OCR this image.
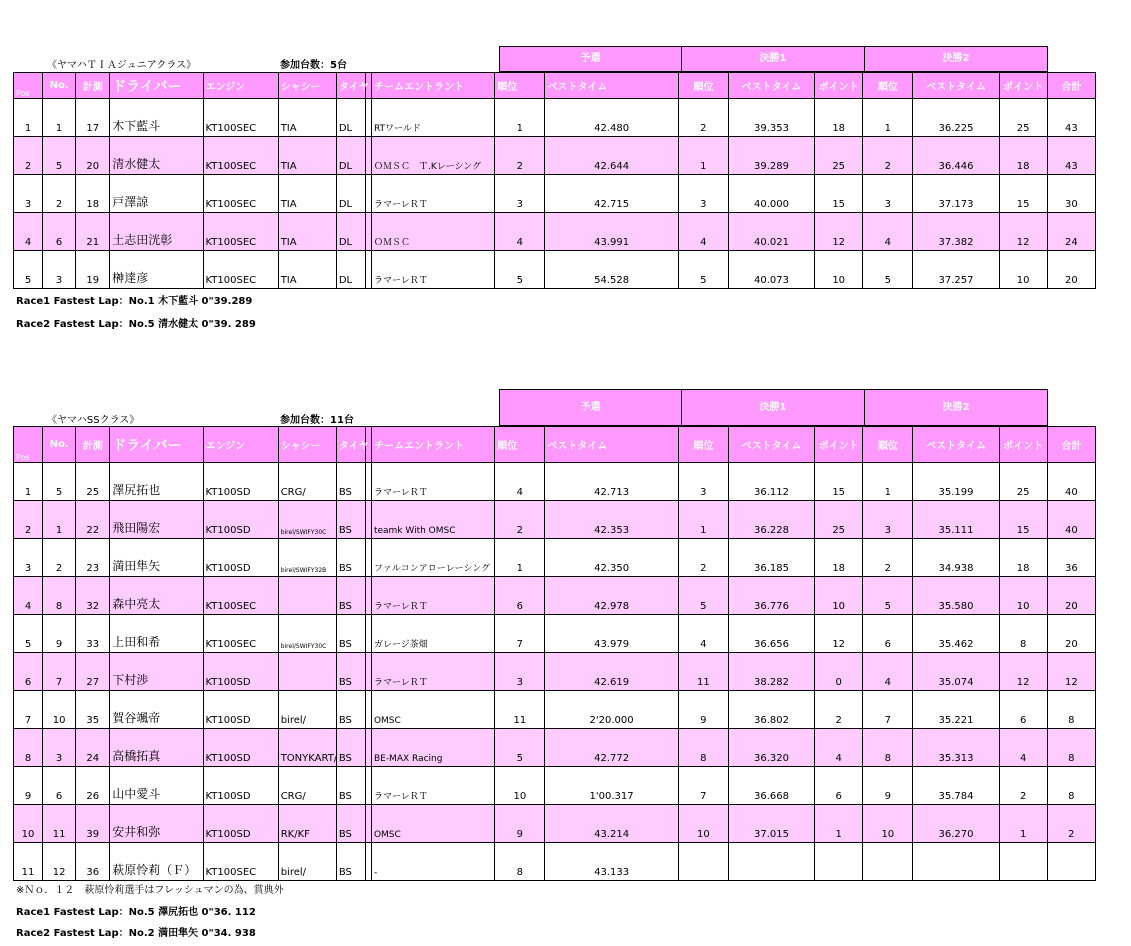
《ヤマハＴＩＡジュニアクラス》	参加台数：5台
予選	決勝1	決勝2
Pos	No.	計測	ドライバー	エンジン	シャシー	タイヤ		チームエントラント	順位	ベストタイム	順位	ベストタイム	ポイント	順位	ベストタイム	ポイント	合計
1	1	17	木下藍斗	KT100SEC	TIA	DL		RTワールド	1	42.480	2	39.353	18	1	36.225	25	43
2	5	20	清水健太	KT100SEC	TIA	DL		ＯＭＳＣ　Ｔ.Kレーシング	2	42.644	1	39.289	25	2	36.446	18	43
3	2	18	戸澤諒	KT100SEC	TIA	DL		ラマーレＲＴ	3	42.715	3	40.000	15	3	37.173	15	30
4	6	21	土志田洸彰	KT100SEC	TIA	DL		ＯＭＳＣ	4	43.991	4	40.021	12	4	37.382	12	24
5	3	19	榊達彦	KT100SEC	TIA	DL		ラマーレＲＴ	5	54.528	5	40.073	10	5	37.257	10	20
Race1 Fastest Lap：No.1 木下藍斗 0"39.289
Race2 Fastest Lap：No.5 清水健太 0"39. 289
《ヤマハSSクラス》	参加台数：11台
予選	決勝1	決勝2
Pos	No.	計測	ドライバー	エンジン	シャシー	タイヤ		チームエントラント	順位	ベストタイム	順位	ベストタイム	ポイント	順位	ベストタイム	ポイント	合計
1	5	25	澤尻拓也	KT100SD	CRG/	BS		ラマーレＲＴ	4	42.713	3	36.112	15	1	35.199	25	40
2	1	22	飛田陽宏	KT100SD	birel/SWIFY30C	BS		teamk With OMSC	2	42.353	1	36.228	25	3	35.111	15	40
3	2	23	満田隼矢	KT100SD	birel/SWIFY32B	BS		ファルコンアローレーシング	1	42.350	2	36.185	18	2	34.938	18	36
4	8	32	森中亮太	KT100SEC		BS		ラマーレＲＴ	6	42.978	5	36.776	10	5	35.580	10	20
5	9	33	上田和希	KT100SEC	birel/SWIFY30C	BS		ガレージ茶畑	7	43.979	4	36.656	12	6	35.462	8	20
6	7	27	下村渉	KT100SD		BS		ラマーレＲＴ	3	42.619	11	38.282	0	4	35.074	12	12
7	10	35	賀谷颯帝	KT100SD	birel/	BS		OMSC	11	2'20.000	9	36.802	2	7	35.221	6	8
8	3	24	高橋拓真	KT100SD	TONYKART/	BS		BE-MAX Racing	5	42.772	8	36.320	4	8	35.313	4	8
9	6	26	山中愛斗	KT100SD	CRG/	BS		ラマーレＲＴ	10	1'00.317	7	36.668	6	9	35.784	2	8
10	11	39	安井和弥	KT100SD	RK/KF	BS		OMSC	9	43.214	10	37.015	1	10	36.270	1	2
11	12	36	萩原怜莉（Ｆ）	KT100SEC	birel/	BS		-	8	43.133							
※Ｎｏ．１２　萩原怜莉選手はフレッシュマンの為、賞典外
Race1 Fastest Lap：No.5 澤尻拓也 0"36. 112
Race2 Fastest Lap：No.2 満田隼矢 0"34. 938
